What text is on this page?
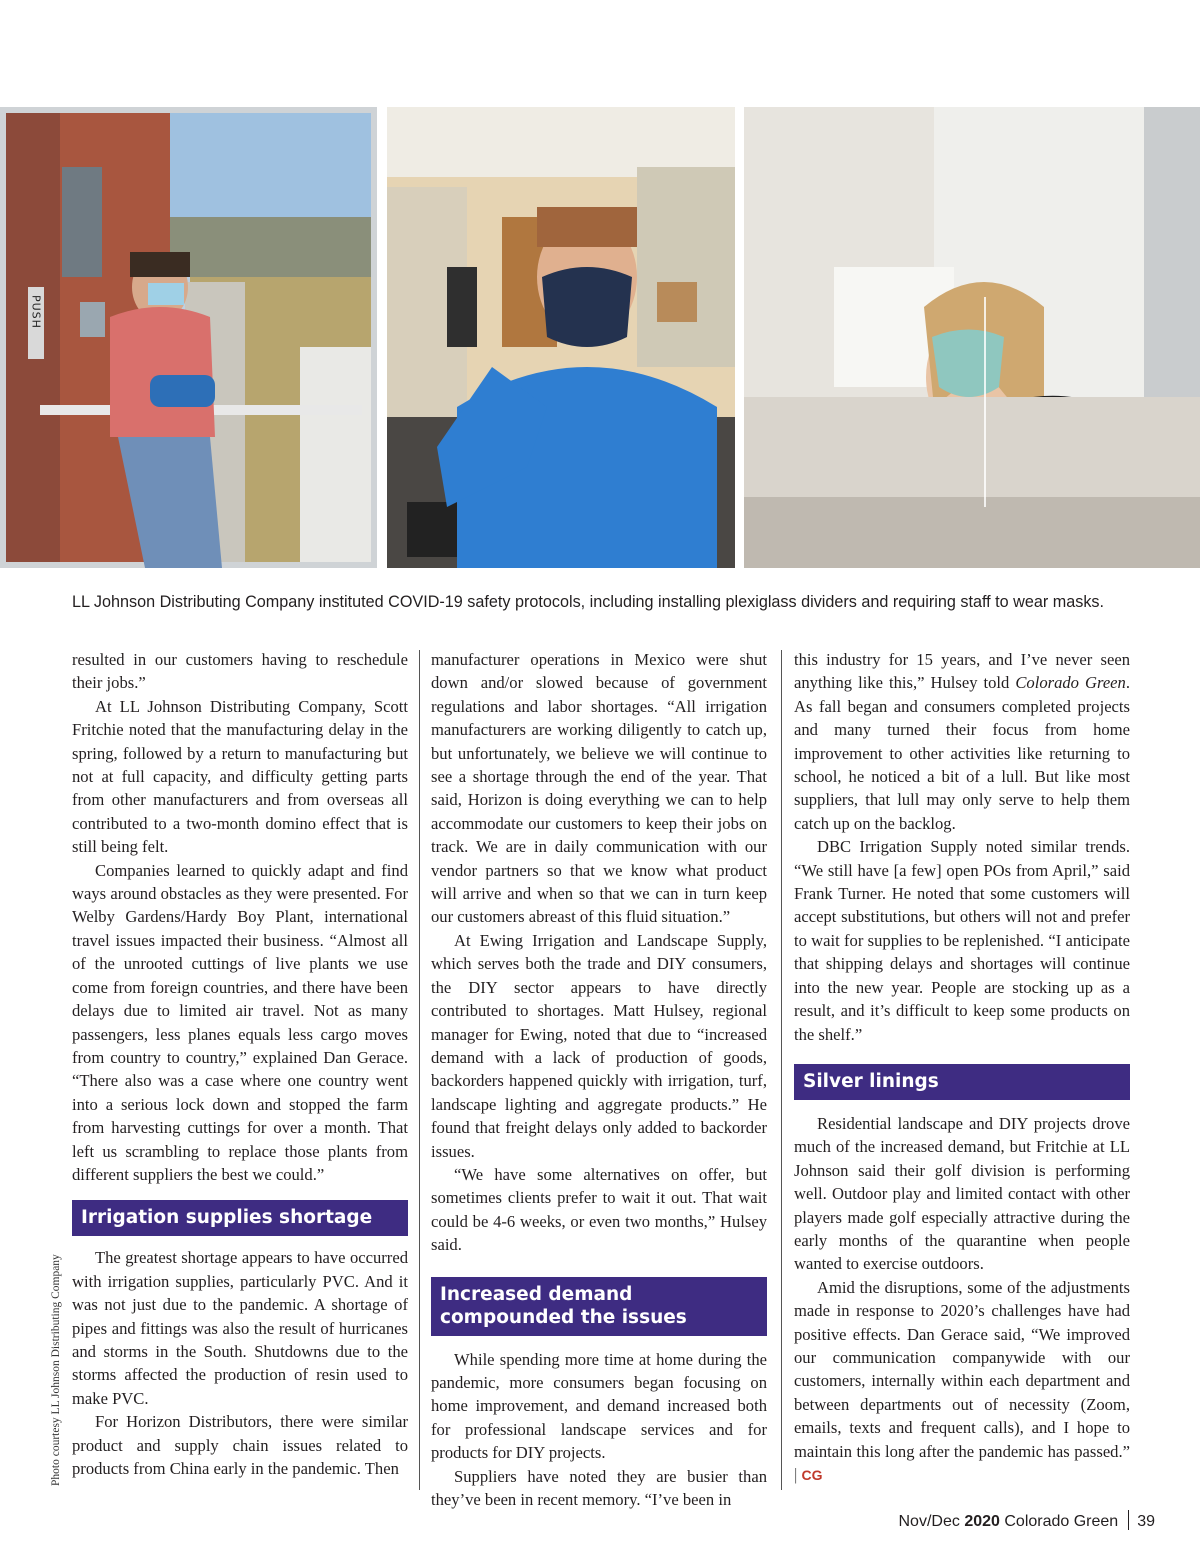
PUSH
LL Johnson Distributing Company instituted COVID-19 safety protocols, including installing plexiglass dividers and requiring staff to wear masks.
Photo courtesy LL Johnson Distributing Company

resulted in our customers having to reschedule their jobs.”

At LL Johnson Distributing Company, Scott Fritchie noted that the manufacturing delay in the spring, followed by a return to manufacturing but not at full capacity, and difficulty getting parts from other manufacturers and from overseas all contributed to a two-month domino effect that is still being felt.

Companies learned to quickly adapt and find ways around obstacles as they were presented. For Welby Gardens/Hardy Boy Plant, international travel issues impacted their business. “Almost all of the unrooted cuttings of live plants we use come from foreign countries, and there have been delays due to limited air travel. Not as many passengers, less planes equals less cargo moves from country to country,” explained Dan Gerace. “There also was a case where one country went into a serious lock down and stopped the farm from harvesting cuttings for over a month. That left us scrambling to replace those plants from different suppliers the best we could.”

Irrigation supplies shortage

The greatest shortage appears to have occurred with irrigation supplies, particularly PVC. And it was not just due to the pandemic. A shortage of pipes and fittings was also the result of hurricanes and storms in the South. Shutdowns due to the storms affected the production of resin used to make PVC.

For Horizon Distributors, there were similar product and supply chain issues related to products from China early in the pandemic. Then

manufacturer operations in Mexico were shut down and/or slowed because of government regulations and labor shortages. “All irrigation manufacturers are working diligently to catch up, but unfortunately, we believe we will continue to see a shortage through the end of the year. That said, Horizon is doing everything we can to help accommodate our customers to keep their jobs on track. We are in daily communication with our vendor partners so that we know what product will arrive and when so that we can in turn keep our customers abreast of this fluid situation.”

At Ewing Irrigation and Landscape Supply, which serves both the trade and DIY consumers, the DIY sector appears to have directly contributed to shortages. Matt Hulsey, regional manager for Ewing, noted that due to “increased demand with a lack of production of goods, backorders happened quickly with irrigation, turf, landscape lighting and aggregate products.” He found that freight delays only added to backorder issues.

“We have some alternatives on offer, but sometimes clients prefer to wait it out. That wait could be 4-6 weeks, or even two months,” Hulsey said.

Increased demand compounded the issues

While spending more time at home during the pandemic, more consumers began focusing on home improvement, and demand increased both for professional landscape services and for products for DIY projects.

Suppliers have noted they are busier than they’ve been in recent memory. “I’ve been in

this industry for 15 years, and I’ve never seen anything like this,” Hulsey told Colorado Green. As fall began and consumers completed projects and many turned their focus from home improvement to other activities like returning to school, he noticed a bit of a lull. But like most suppliers, that lull may only serve to help them catch up on the backlog.

DBC Irrigation Supply noted similar trends. “We still have [a few] open POs from April,” said Frank Turner. He noted that some customers will accept substitutions, but others will not and prefer to wait for supplies to be replenished. “I anticipate that shipping delays and shortages will continue into the new year. People are stocking up as a result, and it’s difficult to keep some products on the shelf.”

Silver linings

Residential landscape and DIY projects drove much of the increased demand, but Fritchie at LL Johnson said their golf division is performing well. Outdoor play and limited contact with other players made golf especially attractive during the early months of the quarantine when people wanted to exercise outdoors.

Amid the disruptions, some of the adjustments made in response to 2020’s challenges have had positive effects. Dan Gerace said, “We improved our communication companywide with our customers, internally within each department and between departments out of necessity (Zoom, emails, texts and frequent calls), and I hope to maintain this long after the pandemic has passed.” | CG

Nov/Dec 2020 Colorado Green 39
